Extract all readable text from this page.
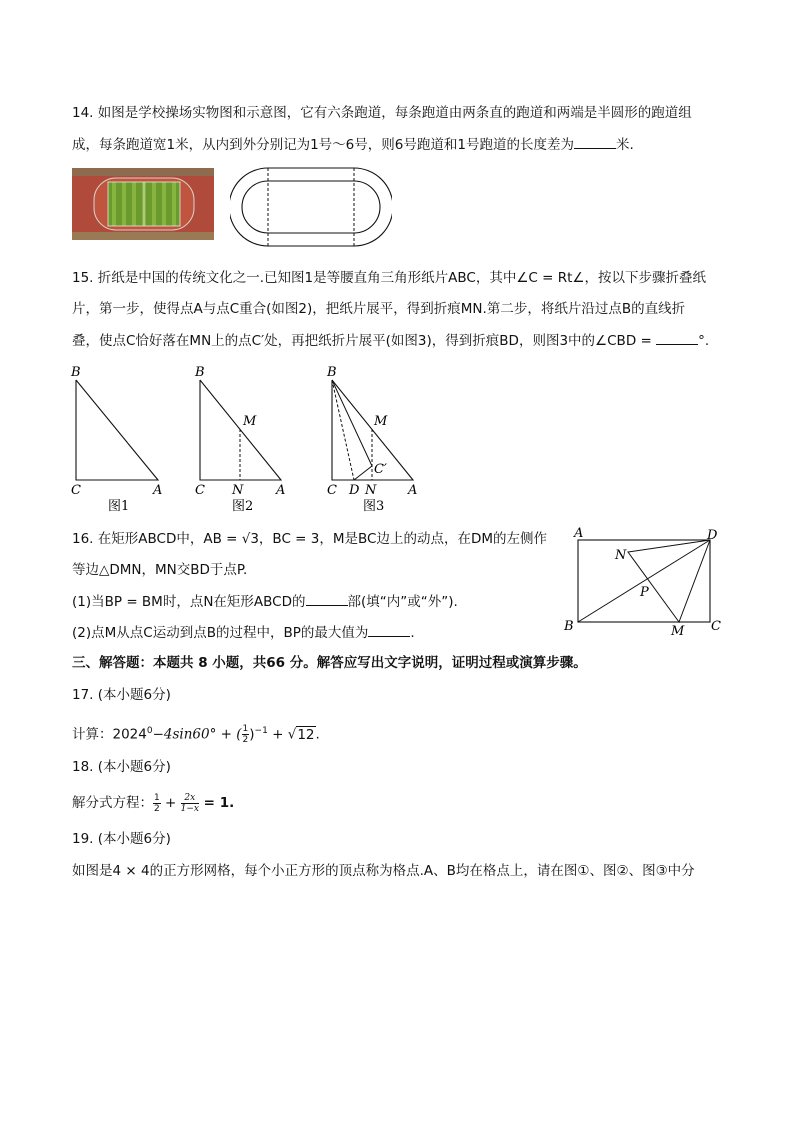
14. 如图是学校操场实物图和示意图，它有六条跑道，每条跑道由两条直的跑道和两端是半圆形的跑道组
成，每条跑道宽1米，从内到外分别记为1号～6号，则6号跑道和1号跑道的长度差为	米.
15. 折纸是中国的传统文化之一.已知图1是等腰直角三角形纸片ABC，其中∠C = Rt∠，按以下步骤折叠纸
片，第一步，使得点A与点C重合(如图2)，把纸片展平，得到折痕MN.第二步，将纸片沿过点B的直线折
叠，使点C恰好落在MN上的点C′处，再把纸折片展平(如图3)，得到折痕BD，则图3中的∠CBD =	°.
B
C	A
图1
B
M
C N	A
图2
B
M
C′
C D N A
图3
16. 在矩形ABCD中，AB = √3，BC = 3，M是BC边上的动点，在DM的左侧作
等边△DMN，MN交BD于点P.
(1)当BP = BM时，点N在矩形ABCD的	部(填“内”或“外”).
(2)点M从点C运动到点B的过程中，BP的最大值为	.
A	D
N
P
B	M C
三、解答题：本题共 8 小题，共66 分。解答应写出文字说明，证明过程或演算步骤。
17. (本小题6分)
计算：$2024^0-4\sin 60^\circ$ + ( $\frac{1}{2} )^{-1} + √12$.
18. (本小题6分)
解分式方程： $\frac{1}{2} + \frac{2x}{1-x} = 1$.
19. (本小题6分)
如图是4 × 4的正方形网格，每个小正方形的顶点称为格点.A、B均在格点上，请在图①、图②、图③中分
